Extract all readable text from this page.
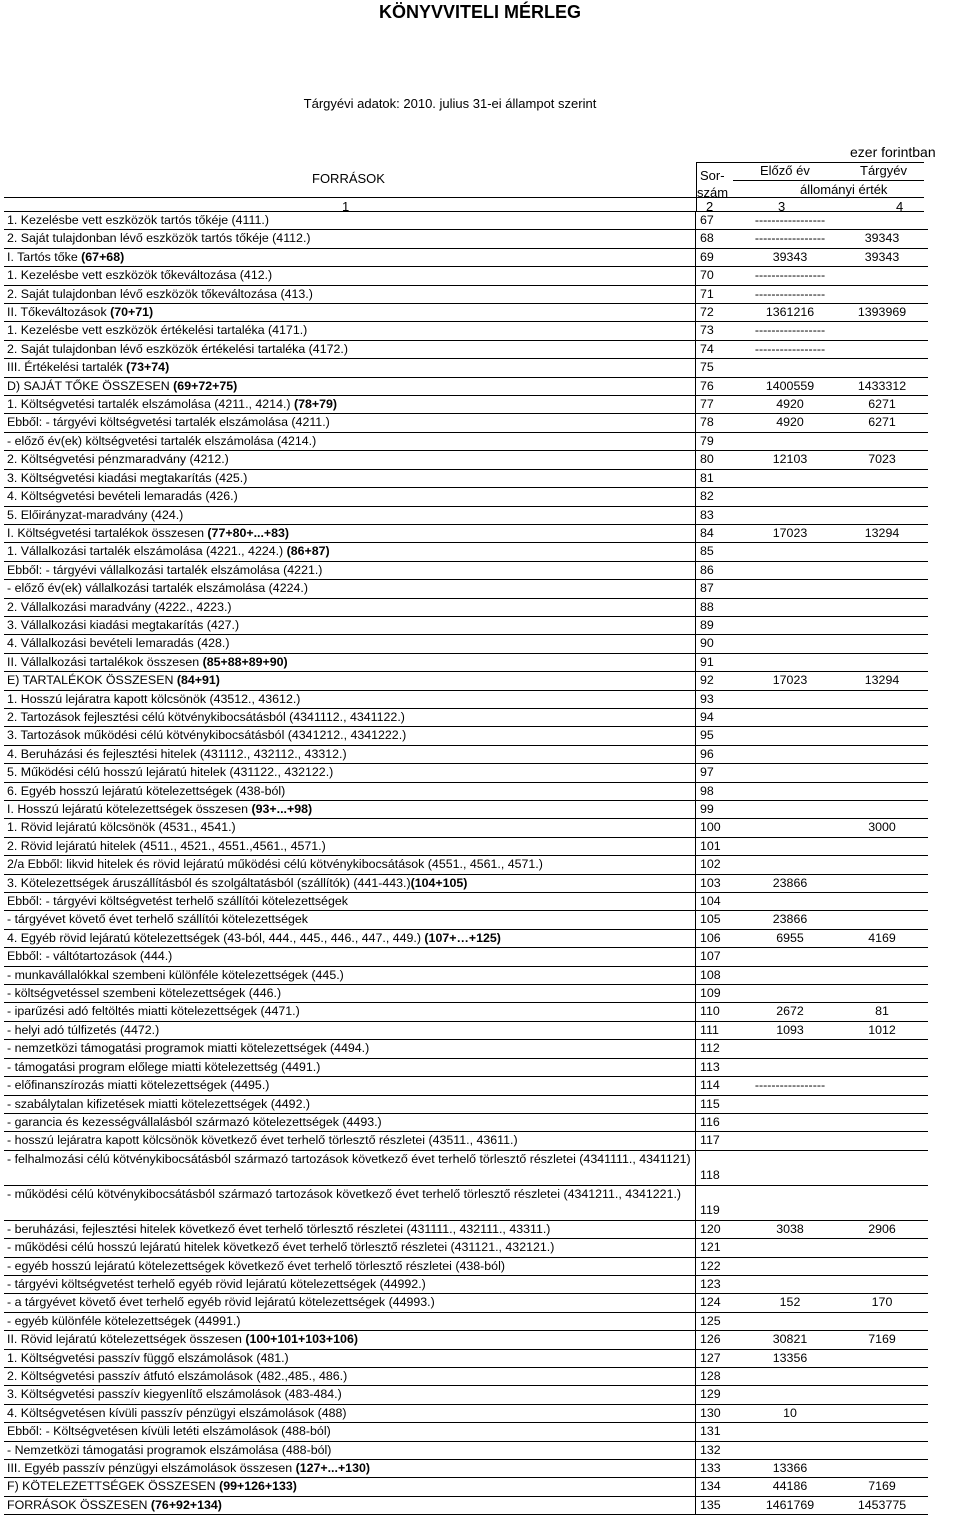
KÖNYVVITELI MÉRLEG
Tárgyévi adatok: 2010. julius 31-ei állampot szerint
ezer forintban
FORRÁSOK	Sor-
szám
Előző év	Tárgyév
állományi érték
1	2	3	4
1. Kezelésbe vett eszközök tartós tőkéje (4111.)	67	-----------------	
2. Saját tulajdonban lévő eszközök tartós tőkéje (4112.)	68	-----------------	39343
I. Tartós tőke (67+68)	69	39343	39343
1. Kezelésbe vett eszközök tőkeváltozása (412.)	70	-----------------	
2. Saját tulajdonban lévő eszközök tőkeváltozása (413.)	71	-----------------	
II. Tőkeváltozások (70+71)	72	1361216	1393969
1. Kezelésbe vett eszközök értékelési tartaléka (4171.)	73	-----------------	
2. Saját tulajdonban lévő eszközök értékelési tartaléka (4172.)	74	-----------------	
III. Értékelési tartalék (73+74)	75		
D) SAJÁT TŐKE ÖSSZESEN (69+72+75)	76	1400559	1433312
1. Költségvetési tartalék elszámolása (4211., 4214.) (78+79)	77	4920	6271
Ebből: - tárgyévi költségvetési tartalék elszámolása (4211.)	78	4920	6271
- előző év(ek) költségvetési tartalék elszámolása (4214.)	79		
2. Költségvetési pénzmaradvány (4212.)	80	12103	7023
3. Költségvetési kiadási megtakarítás (425.)	81		
4. Költségvetési bevételi lemaradás (426.)	82		
5. Előirányzat-maradvány (424.)	83		
I. Költségvetési tartalékok összesen (77+80+...+83)	84	17023	13294
1. Vállalkozási tartalék elszámolása (4221., 4224.) (86+87)	85		
Ebből: - tárgyévi vállalkozási tartalék elszámolása (4221.)	86		
- előző év(ek) vállalkozási tartalék elszámolása (4224.)	87		
2. Vállalkozási maradvány (4222., 4223.)	88		
3. Vállalkozási kiadási megtakarítás (427.)	89		
4. Vállalkozási bevételi lemaradás (428.)	90		
II. Vállalkozási tartalékok összesen (85+88+89+90)	91		
E) TARTALÉKOK ÖSSZESEN (84+91)	92	17023	13294
1. Hosszú lejáratra kapott kölcsönök (43512., 43612.)	93		
2. Tartozások fejlesztési célú kötvénykibocsátásból (4341112., 4341122.)	94		
3. Tartozások működési célú kötvénykibocsátásból (4341212., 4341222.)	95		
4. Beruházási és fejlesztési hitelek (431112., 432112., 43312.)	96		
5. Működési célú hosszú lejáratú hitelek (431122., 432122.)	97		
6. Egyéb hosszú lejáratú kötelezettségek (438-ból)	98		
I. Hosszú lejáratú kötelezettségek összesen (93+...+98)	99		
1. Rövid lejáratú kölcsönök (4531., 4541.)	100		3000
2. Rövid lejáratú hitelek (4511., 4521., 4551.,4561., 4571.)	101		
2/a Ebből: likvid hitelek és rövid lejáratú működési célú kötvénykibocsátások (4551., 4561., 4571.)	102		
3. Kötelezettségek áruszállításból és szolgáltatásból (szállítók) (441-443.)(104+105)	103	23866	
Ebből: - tárgyévi költségvetést terhelő szállítói kötelezettségek	104		
- tárgyévet követő évet terhelő szállítói kötelezettségek	105	23866	
4. Egyéb rövid lejáratú kötelezettségek (43-ból, 444., 445., 446., 447., 449.) (107+…+125)	106	6955	4169
Ebből: - váltótartozások (444.)	107		
- munkavállalókkal szembeni különféle kötelezettségek (445.)	108		
- költségvetéssel szembeni kötelezettségek (446.)	109		
- iparűzési adó feltöltés miatti kötelezettségek (4471.)	110	2672	81
- helyi adó túlfizetés (4472.)	111	1093	1012
- nemzetközi támogatási programok miatti kötelezettségek (4494.)	112		
- támogatási program előlege miatti kötelezettség (4491.)	113		
- előfinanszírozás miatti kötelezettségek (4495.)	114	-----------------	
- szabálytalan kifizetések miatti kötelezettségek (4492.)	115		
- garancia és kezességvállalásból származó kötelezettségek (4493.)	116		
- hosszú lejáratra kapott kölcsönök következő évet terhelő törlesztő részletei (43511., 43611.)	117		
- felhalmozási célú kötvénykibocsátásból származó tartozások következő évet terhelő törlesztő részletei (4341111., 4341121)	118		
- működési célú kötvénykibocsátásból származó tartozások következő évet terhelő törlesztő részletei (4341211., 4341221.)	119		
- beruházási, fejlesztési hitelek következő évet terhelő törlesztő részletei (431111., 432111., 43311.)	120	3038	2906
- működési célú hosszú lejáratú hitelek következő évet terhelő törlesztő részletei (431121., 432121.)	121		
- egyéb hosszú lejáratú kötelezettségek következő évet terhelő törlesztő részletei (438-ból)	122		
- tárgyévi költségvetést terhelő egyéb rövid lejáratú kötelezettségek (44992.)	123		
- a tárgyévet követő évet terhelő egyéb rövid lejáratú kötelezettségek (44993.)	124	152	170
- egyéb különféle kötelezettségek (44991.)	125		
II. Rövid lejáratú kötelezettségek összesen (100+101+103+106)	126	30821	7169
1. Költségvetési passzív függő elszámolások (481.)	127	13356	
2. Költségvetési passzív átfutó elszámolások (482.,485., 486.)	128		
3. Költségvetési passzív kiegyenlítő elszámolások (483-484.)	129		
4. Költségvetésen kívüli passzív pénzügyi elszámolások (488)	130	10	
Ebből: - Költségvetésen kívüli letéti elszámolások (488-ból)	131		
- Nemzetközi támogatási programok elszámolása (488-ból)	132		
III. Egyéb passzív pénzügyi elszámolások összesen (127+...+130)	133	13366	
F) KÖTELEZETTSÉGEK ÖSSZESEN (99+126+133)	134	44186	7169
FORRÁSOK ÖSSZESEN (76+92+134)	135	1461769	1453775
